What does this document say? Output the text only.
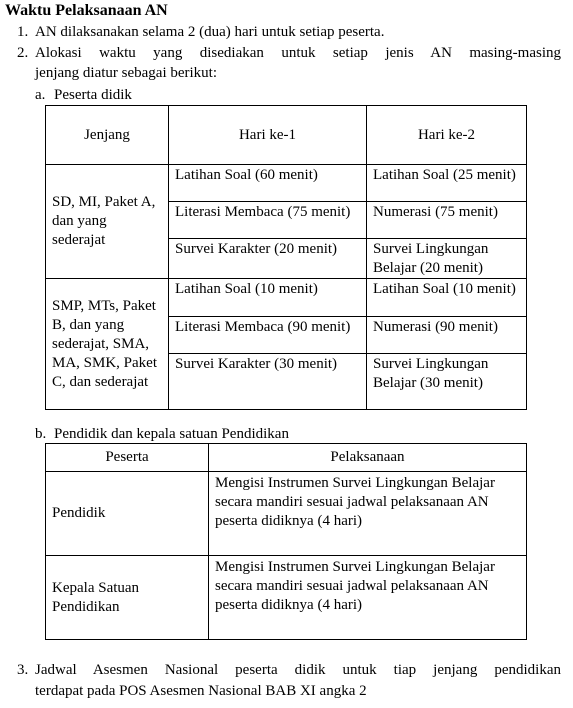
Waktu Pelaksanaan AN
1. AN dilaksanakan selama 2 (dua) hari untuk setiap peserta.
2. Alokasi waktu yang disediakan untuk setiap jenis AN masing-masing
jenjang diatur sebagai berikut:
a. Peserta didik
Jenjang	Hari ke-1	Hari ke-2
SD, MI, Paket A, dan yang sederajat	Latihan Soal (60 menit)	Latihan Soal (25 menit)
	Literasi Membaca (75 menit)	Numerasi (75 menit)
	Survei Karakter (20 menit)	Survei Lingkungan Belajar (20 menit)
SMP, MTs, Paket B, dan yang sederajat, SMA, MA, SMK, Paket C, dan sederajat	Latihan Soal (10 menit)	Latihan Soal (10 menit)
	Literasi Membaca (90 menit)	Numerasi (90 menit)
	Survei Karakter (30 menit)	Survei Lingkungan Belajar (30 menit)
b. Pendidik dan kepala satuan Pendidikan
Peserta	Pelaksanaan
Pendidik	Mengisi Instrumen Survei Lingkungan Belajar secara mandiri sesuai jadwal pelaksanaan AN peserta didiknya (4 hari)
Kepala Satuan Pendidikan	Mengisi Instrumen Survei Lingkungan Belajar secara mandiri sesuai jadwal pelaksanaan AN peserta didiknya (4 hari)
3. Jadwal Asesmen Nasional peserta didik untuk tiap jenjang pendidikan
terdapat pada POS Asesmen Nasional BAB XI angka 2
